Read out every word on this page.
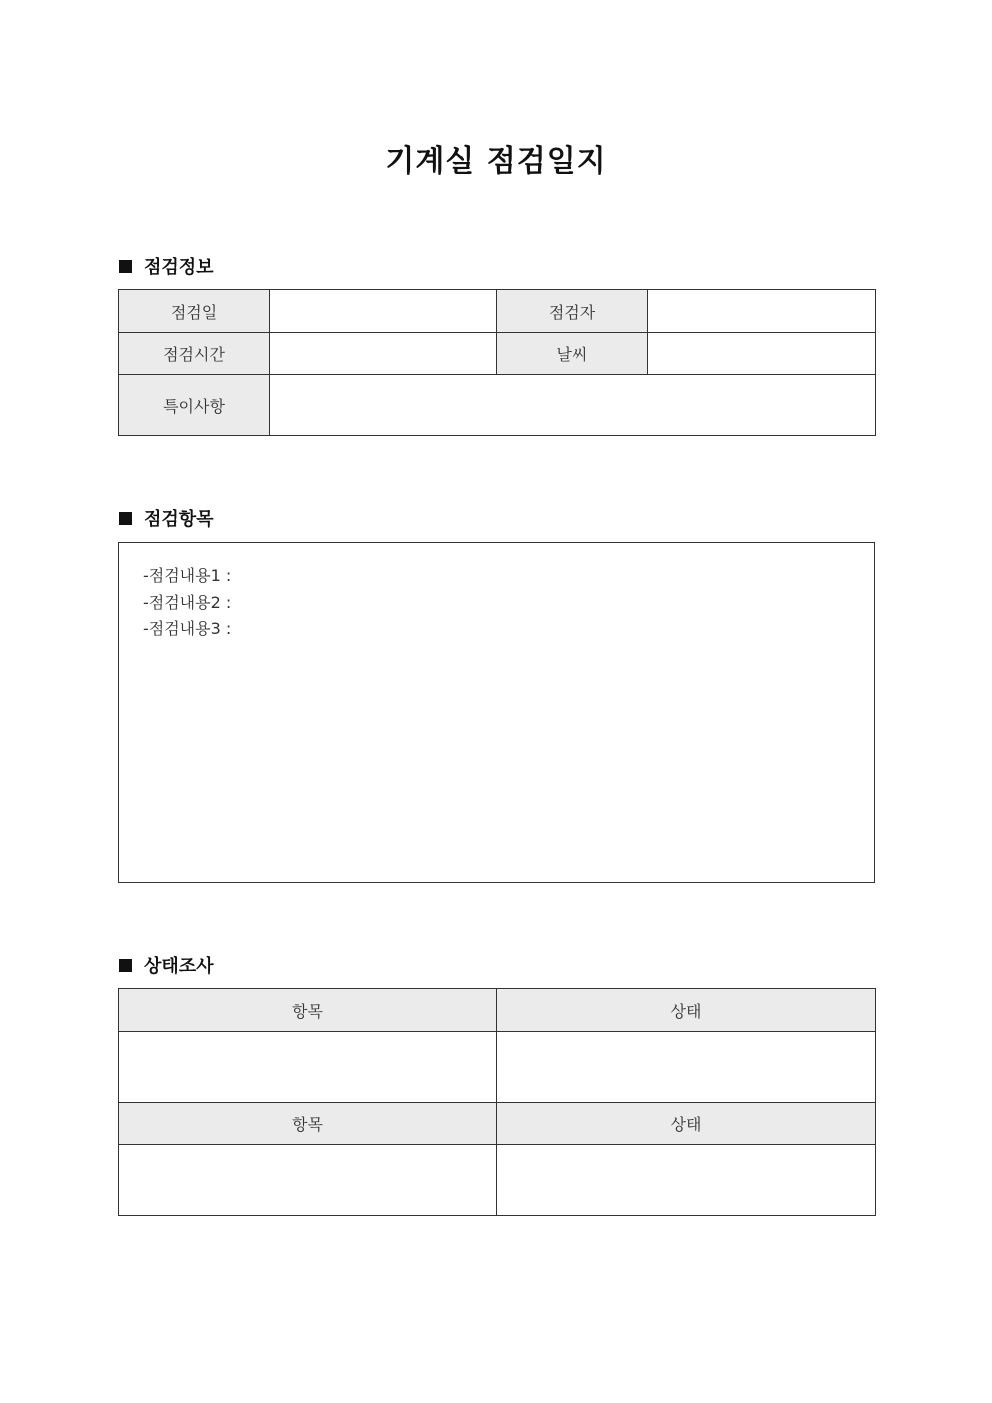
기계실 점검일지
점검정보
점검일		점검자	
점검시간		날씨	
특이사항			
점검항목
-점검내용1 :
-점검내용2 :
-점검내용3 :
상태조사
항목	상태

항목	상태
